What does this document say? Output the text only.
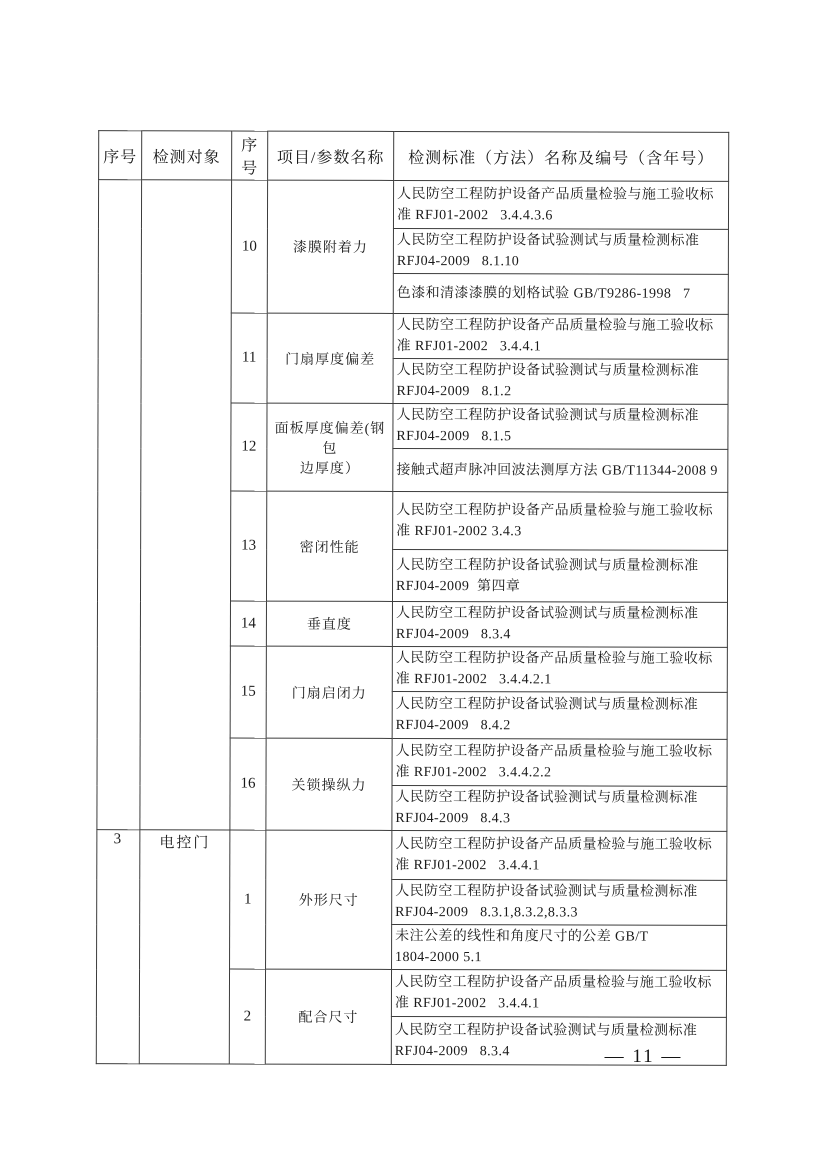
序号	检测对象	序号	项目/参数名称	检测标准（方法）名称及编号（含年号）
		10	漆膜附着力	人民防空工程防护设备产品质量检验与施工验收标
准 RFJ01-2002   3.4.4.3.6
				人民防空工程防护设备试验测试与质量检测标准
RFJ04-2009   8.1.10
				色漆和清漆漆膜的划格试验 GB/T9286-1998   7
		11	门扇厚度偏差	人民防空工程防护设备产品质量检验与施工验收标
准 RFJ01-2002   3.4.4.1
				人民防空工程防护设备试验测试与质量检测标准
RFJ04-2009   8.1.2
		12	面板厚度偏差(钢包
边厚度）	人民防空工程防护设备试验测试与质量检测标准
RFJ04-2009   8.1.5
				接触式超声脉冲回波法测厚方法 GB/T11344-2008 9
		13	密闭性能	人民防空工程防护设备产品质量检验与施工验收标
准 RFJ01-2002 3.4.3
				人民防空工程防护设备试验测试与质量检测标准
RFJ04-2009  第四章
		14	垂直度	人民防空工程防护设备试验测试与质量检测标准
RFJ04-2009   8.3.4
		15	门扇启闭力	人民防空工程防护设备产品质量检验与施工验收标
准 RFJ01-2002   3.4.4.2.1
				人民防空工程防护设备试验测试与质量检测标准
RFJ04-2009   8.4.2
		16	关锁操纵力	人民防空工程防护设备产品质量检验与施工验收标
准 RFJ01-2002   3.4.4.2.2
				人民防空工程防护设备试验测试与质量检测标准
RFJ04-2009   8.4.3
3	电控门	1	外形尺寸	人民防空工程防护设备产品质量检验与施工验收标
准 RFJ01-2002   3.4.4.1
				人民防空工程防护设备试验测试与质量检测标准
RFJ04-2009   8.3.1,8.3.2,8.3.3
				未注公差的线性和角度尺寸的公差 GB/T
1804-2000 5.1
		2	配合尺寸	人民防空工程防护设备产品质量检验与施工验收标
准 RFJ01-2002   3.4.4.1
				人民防空工程防护设备试验测试与质量检测标准
RFJ04-2009   8.3.4	— 11 —
